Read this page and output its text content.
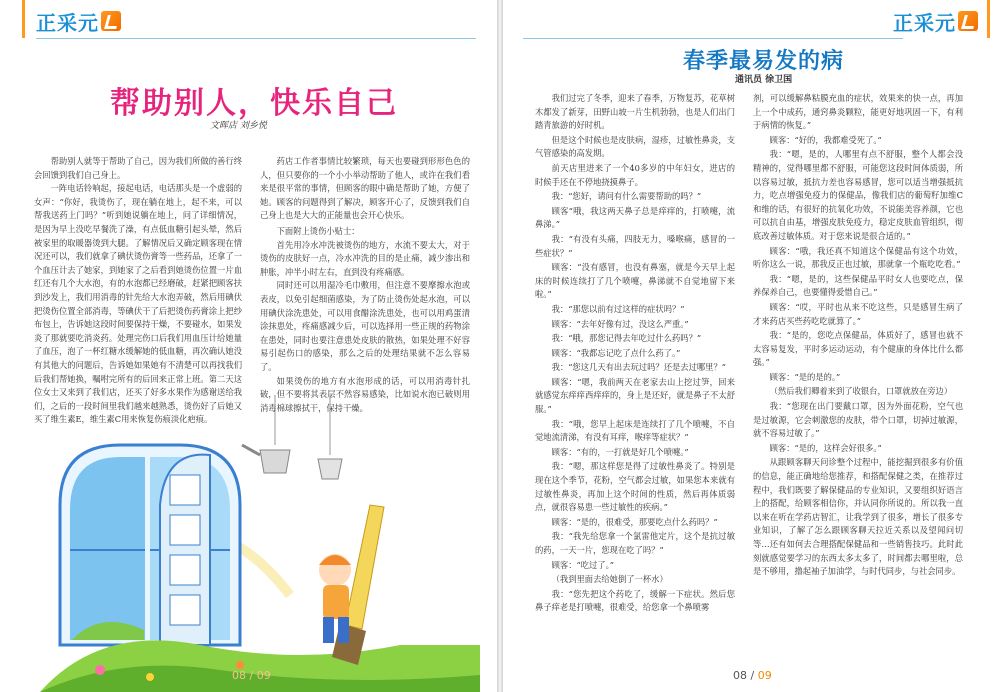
正采元
帮助别人，快乐自己
文晖店 刘乡悦

帮助别人就等于帮助了自己，因为我们所做的善行终会回馈到我们自己身上。

一阵电话铃响起，接起电话，电话那头是一个虚弱的女声：“你好，我烫伤了，现在躺在地上，起不来，可以帮我送药上门吗？”听到她说躺在地上，问了详细情况，是因为早上没吃早餐洗了澡，有点低血糖引起头晕，然后被家里的取暖器烫到大腿。了解情况后又确定顾客现在情况还可以，我们就拿了碘伏烫伤膏等一些药品，还拿了一个血压计去了她家，到她家了之后看到她烫伤位置一片血红还有几个大水泡，有的水泡都已经磨破，赶紧把顾客扶到沙发上，我们用消毒的针先给大水泡弄破，然后用碘伏把烫伤位置全部消毒，等碘伏干了后把烫伤药膏涂上把纱布包上，告诉她这段时间要保持干燥，不要碰水，如果发炎了那就要吃消炎药。处理完伤口后我们用血压计给她量了血压，泡了一杯红糖水缓解她的低血糖，再次确认她没有其他大的问题后，告诉她如果她有不清楚可以再找我们后我们帮她换，嘱咐完所有的后回来正常上班。第二天这位女士又来到了我们店，还买了好多水果作为感谢送给我们，之后的一段时间里我们越来越熟悉，烫伤好了后她又买了维生素E，维生素C用来恢复伤痕淡化疤痕。

药店工作者事情比较繁琐，每天也要碰到形形色色的人，但只要你的一个小小举动帮助了他人，或许在我们看来是很平常的事情，但顾客的眼中确是帮助了她，方便了她。顾客的问题得到了解决，顾客开心了，反馈到我们自己身上也是大大的正能量也会开心快乐。

下面附上烫伤小贴士：

首先用冷水冲洗被烫伤的地方，水流不要太大，对于烫伤的皮肤好一点，冷水冲洗的目的是止痛，减少渗出和肿胀，冲半小时左右，直到没有疼痛感。

同时还可以用湿冷毛巾敷用，但注意不要摩擦水泡或表皮，以免引起细菌感染，为了防止烫伤处起水泡，可以用碘伏涂洗患处，可以用食醋涂洗患处，也可以用鸡蛋清涂抹患处，疼痛感减少后，可以选择用一些正规的药物涂在患处，同时也要注意患处皮肤的散热，如果处理不好容易引起伤口的感染，那么之后的处理结果就不怎么容易了。

如果烫伤的地方有水泡形成的话，可以用消毒针扎破，但不要将其表层不然容易感染，比如说水泡已破则用消毒棉球擦拭干，保持干燥。

08 / 09
正采元
春季最易发的病
通讯员 徐卫国

我们过完了冬季，迎来了春季，万物复苏，花草树木都发了新芽，田野山坡一片生机勃勃，也是人们出门踏青旅游的好时机。

但是这个时候也是皮肤病，湿疹，过敏性鼻炎，支气管感染的高发期。

前天店里进来了一个40多岁的中年妇女，进店的时候手还在不停地挠摸鼻子。

我：“您好，请问有什么需要帮助的吗？”

顾客“哦，我这两天鼻子总是痒痒的，打喷嚏，流鼻涕。”

我：“有没有头痛，四肢无力，嗓喉痛，感冒的一些症状？”

顾客：“没有感冒，也没有鼻塞，就是今天早上起床的时候连续打了几个喷嚏，鼻涕就不自觉地留下来啦。”

我：“那您以前有过这样的症状吗？”

顾客：“去年好像有过，没这么严重。”

我：“哦，那您记得去年吃过什么药吗？”

顾客：“我都忘记吃了点什么药了。”

我：“您这几天有出去玩过吗？还是去过哪里？”

顾客：“嗯，我前两天在老家去山上挖过笋，回来就感觉东痒痒西痒痒的，身上是还好，就是鼻子不太舒服。”

我：“哦，您早上起床是连续打了几个喷嚏，不自觉地流清涕，有没有耳痒，喉痒等症状？”

顾客：“有的，一打就是好几个喷嚏。”

我：“嗯，那这样您是得了过敏性鼻炎了。特别是现在这个季节，花粉，空气都会过敏，如果您本来就有过敏性鼻炎，再加上这个时间的性质，然后再体质弱点，就很容易患一些过敏性的疾病。”

顾客：“是的，很难受，那要吃点什么药吗？”

我：“我先给您拿一个氯雷他定片，这个是抗过敏的药，一天一片，您现在吃了吗？”

顾客：“吃过了。”

（我到里面去给她倒了一杯水）

我：“您先把这个药吃了，缓解一下症状。然后您鼻子痒老是打喷嚏，很难受，给您拿一个鼻喷雾

剂，可以缓解鼻粘膜充血的症状，效果来的快一点，再加上一个中成药，通窍鼻炎颗粒，能更好地巩固一下，有利于病情的恢复。”

顾客：“好的，我都难受死了。”

我：“嗯，是的，人哪里有点不舒服，整个人都会没精神的，觉得哪里都不舒服，可能您这段时间体质弱，所以容易过敏，抵抗力差也容易感冒，您可以适当增强抵抗力，吃点增强免疫力的保健品，像我们店的葡萄籽加维C和维的话，有很好的抗氧化功效，不说能美容养颜，它也可以抗自由基，增强皮肤免疫力，稳定皮肤血管组织，彻底改善过敏体质。对于您来说是很合适的。”

顾客：“哦，我还真不知道这个保健品有这个功效，听你这么一说，那我反正也过敏，那就拿一个瓶吃吃看。”

我：“嗯，是的，这些保健品平时女人也要吃点，保养保养自己，也要懂得爱惜自己。”

顾客：“哎，平时也从来不吃这些，只是感冒生病了才来药店买些药吃吃就算了。”

我：“是的，您吃点保健品，体质好了，感冒也就不太容易复发，平时多运动运动，有个健康的身体比什么都强。”

顾客：“是的是的。”

（然后我们卿着来到了收银台，口罩就放在旁边）

我：“您现在出门要戴口罩，因为外面花粉，空气也是过敏源，它会刺激您的皮肤，带个口罩，切掉过敏源，就不容易过敏了。”

顾客：“是的，这样会好很多。”

从跟顾客聊天问诊整个过程中，能挖掘到很多有价值的信息，能正确地给您推荐，和搭配保健之类，在推荐过程中，我们既要了解保健品的专业知识，又要组织好语言上的搭配，给顾客相信你，并认同你所说的。所以我一直以来在听在学药店智汇，让我学到了很多，增长了很多专业知识，了解了怎么跟顾客聊天拉近关系以及望闻问切等…还有如何去合理搭配保健品和一些销售技巧。此时此刻就感觉要学习的东西太多太多了，时间都去哪里啦，总是不够用，撸起袖子加油学，与时代同步，与社会同步。

08 / 09
